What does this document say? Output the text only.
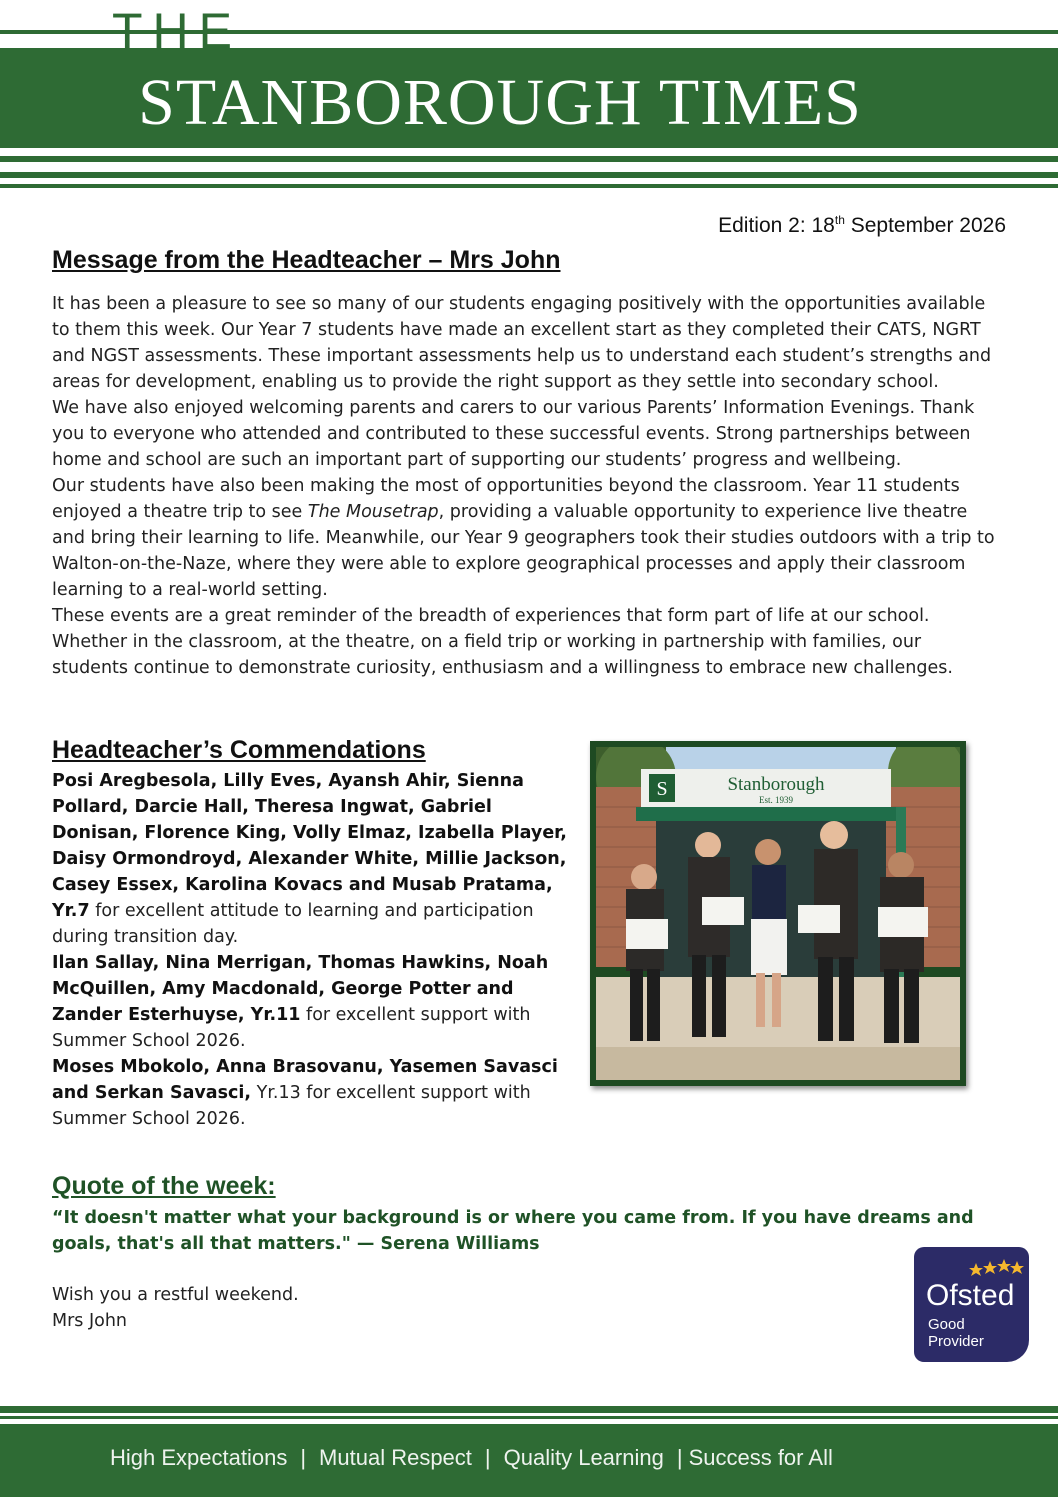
THE
STANBOROUGH TIMES
Edition 2: 18th September 2026
Message from the Headteacher – Mrs John

It has been a pleasure to see so many of our students engaging positively with the opportunities available to them this week. Our Year 7 students have made an excellent start as they completed their CATS, NGRT and NGST assessments. These important assessments help us to understand each student’s strengths and areas for development, enabling us to provide the right support as they settle into secondary school.

We have also enjoyed welcoming parents and carers to our various Parents’ Information Evenings. Thank you to everyone who attended and contributed to these successful events. Strong partnerships between home and school are such an important part of supporting our students’ progress and wellbeing.

Our students have also been making the most of opportunities beyond the classroom. Year 11 students enjoyed a theatre trip to see The Mousetrap, providing a valuable opportunity to experience live theatre and bring their learning to life. Meanwhile, our Year 9 geographers took their studies outdoors with a trip to Walton-on-the-Naze, where they were able to explore geographical processes and apply their classroom learning to a real-world setting.

These events are a great reminder of the breadth of experiences that form part of life at our school. Whether in the classroom, at the theatre, on a field trip or working in partnership with families, our students continue to demonstrate curiosity, enthusiasm and a willingness to embrace new challenges.

Headteacher’s Commendations

Posi Aregbesola, Lilly Eves, Ayansh Ahir, Sienna Pollard, Darcie Hall, Theresa Ingwat, Gabriel Donisan, Florence King, Volly Elmaz, Izabella Player, Daisy Ormondroyd, Alexander White, Millie Jackson, Casey Essex, Karolina Kovacs and Musab Pratama, Yr.7 for excellent attitude to learning and participation during transition day.

Ilan Sallay, Nina Merrigan, Thomas Hawkins, Noah McQuillen, Amy Macdonald, George Potter and Zander Esterhuyse, Yr.11 for excellent support with Summer School 2026.

Moses Mbokolo, Anna Brasovanu, Yasemen Savasci and Serkan Savasci, Yr.13 for excellent support with Summer School 2026.

S	Stanborough
Est. 1939
Quote of the week:
“It doesn't matter what your background is or where you came from. If you have dreams and goals, that's all that matters." — Serena Williams

Wish you a restful weekend.

Mrs John

Ofsted
Good
Provider
High Expectations | Mutual Respect | Quality Learning | Success for All
